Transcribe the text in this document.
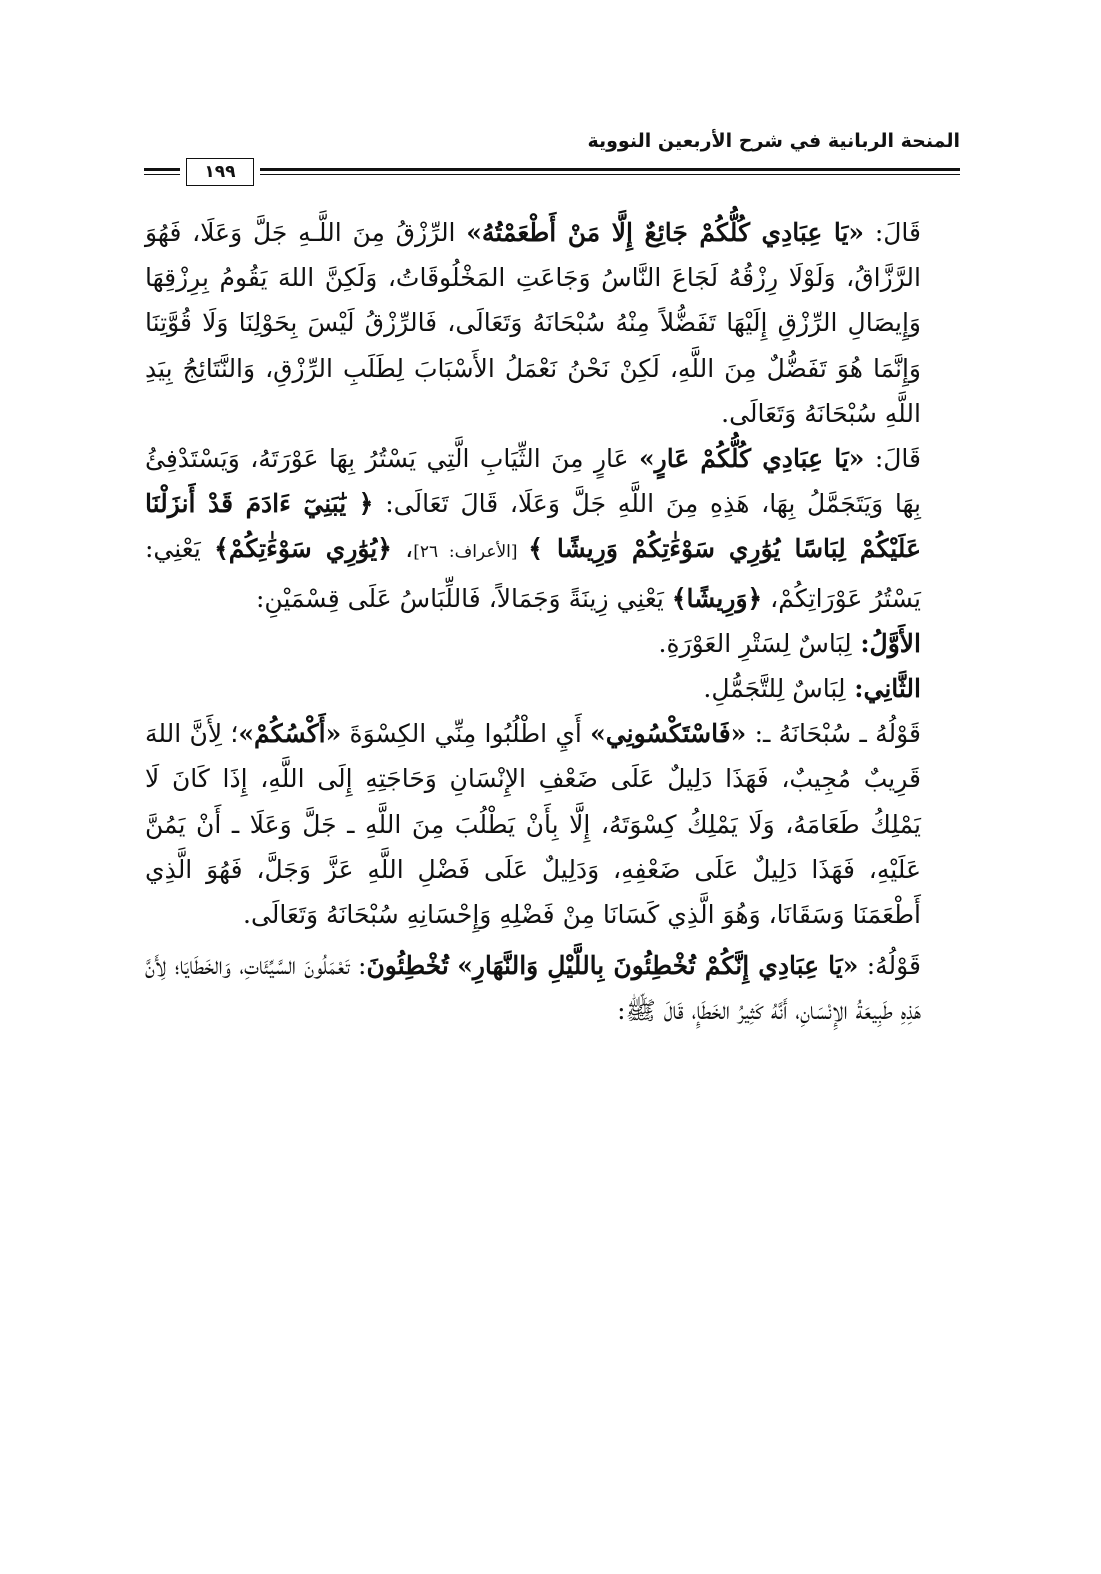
المنحة الربانية في شرح الأربعين النووية
١٩٩

قَالَ: «يَا عِبَادِي كُلُّكُمْ جَائِعٌ إِلَّا مَنْ أَطْعَمْتُهُ» الرِّزْقُ مِنَ اللَّـهِ جَلَّ وَعَلَا، فَهُوَ الرَّزَّاقُ، وَلَوْلَا رِزْقُهُ لَجَاعَ النَّاسُ وَجَاعَتِ المَخْلُوقَاتُ، وَلَكِنَّ اللهَ يَقُومُ بِرِزْقِهَا وَإِيصَالِ الرِّزْقِ إِلَيْهَا تَفَضُّلاً مِنْهُ سُبْحَانَهُ وَتَعَالَى، فَالرِّزْقُ لَيْسَ بِحَوْلِنَا وَلَا قُوَّتِنَا وَإِنَّمَا هُوَ تَفَضُّلٌ مِنَ اللَّهِ، لَكِنْ نَحْنُ نَعْمَلُ الأَسْبَابَ لِطَلَبِ الرِّزْقِ، وَالنَّتَائِجُ بِيَدِ اللَّهِ سُبْحَانَهُ وَتَعَالَى.

قَالَ: «يَا عِبَادِي كُلُّكُمْ عَارٍ» عَارٍ مِنَ الثِّيَابِ الَّتِي يَسْتُرُ بِهَا عَوْرَتَهُ، وَيَسْتَدْفِئُ بِهَا وَيَتَجَمَّلُ بِهَا، هَذِهِ مِنَ اللَّهِ جَلَّ وَعَلَا، قَالَ تَعَالَى: ﴿ يَٰبَنِيٓ ءَادَمَ قَدْ أَنزَلْنَا عَلَيْكُمْ لِبَاسًا يُوَٰرِي سَوْءَٰتِكُمْ وَرِيشًا ﴾ [الأعراف: ٢٦]، ﴿يُوَٰرِي سَوْءَٰتِكُمْ﴾ يَعْنِي: يَسْتُرُ عَوْرَاتِكُمْ، ﴿وَرِيشًا﴾ يَعْنِي زِينَةً وَجَمَالاً، فَاللِّبَاسُ عَلَى قِسْمَيْنِ:

الأَوَّلُ: لِبَاسٌ لِسَتْرِ العَوْرَةِ.

الثَّانِي: لِبَاسٌ لِلتَّجَمُّلِ.

قَوْلُهُ ـ سُبْحَانَهُ ـ: «فَاسْتَكْسُونِي» أَيِ اطْلُبُوا مِنِّي الكِسْوَةَ «أَكْسُكُمْ»؛ لِأَنَّ اللهَ قَرِيبٌ مُجِيبٌ، فَهَذَا دَلِيلٌ عَلَى ضَعْفِ الإِنْسَانِ وَحَاجَتِهِ إِلَى اللَّهِ، إِذَا كَانَ لَا يَمْلِكُ طَعَامَهُ، وَلَا يَمْلِكُ كِسْوَتَهُ، إِلَّا بِأَنْ يَطْلُبَ مِنَ اللَّهِ ـ جَلَّ وَعَلَا ـ أَنْ يَمُنَّ عَلَيْهِ، فَهَذَا دَلِيلٌ عَلَى ضَعْفِهِ، وَدَلِيلٌ عَلَى فَضْلِ اللَّهِ عَزَّ وَجَلَّ، فَهُوَ الَّذِي أَطْعَمَنَا وَسَقَانَا، وَهُوَ الَّذِي كَسَانَا مِنْ فَضْلِهِ وَإِحْسَانِهِ سُبْحَانَهُ وَتَعَالَى.

قَوْلُهُ: «يَا عِبَادِي إِنَّكُمْ تُخْطِئُونَ بِاللَّيْلِ وَالنَّهَارِ» تُخْطِئُونَ: تَعْمَلُونَ السَّيِّئَاتِ، وَالخَطَايَا؛ لِأَنَّ هَذِهِ طَبِيعَةُ الإِنْسَانِ، أَنَّهُ كَثِيرُ الخَطَإِ، قَالَ ﷺ:
